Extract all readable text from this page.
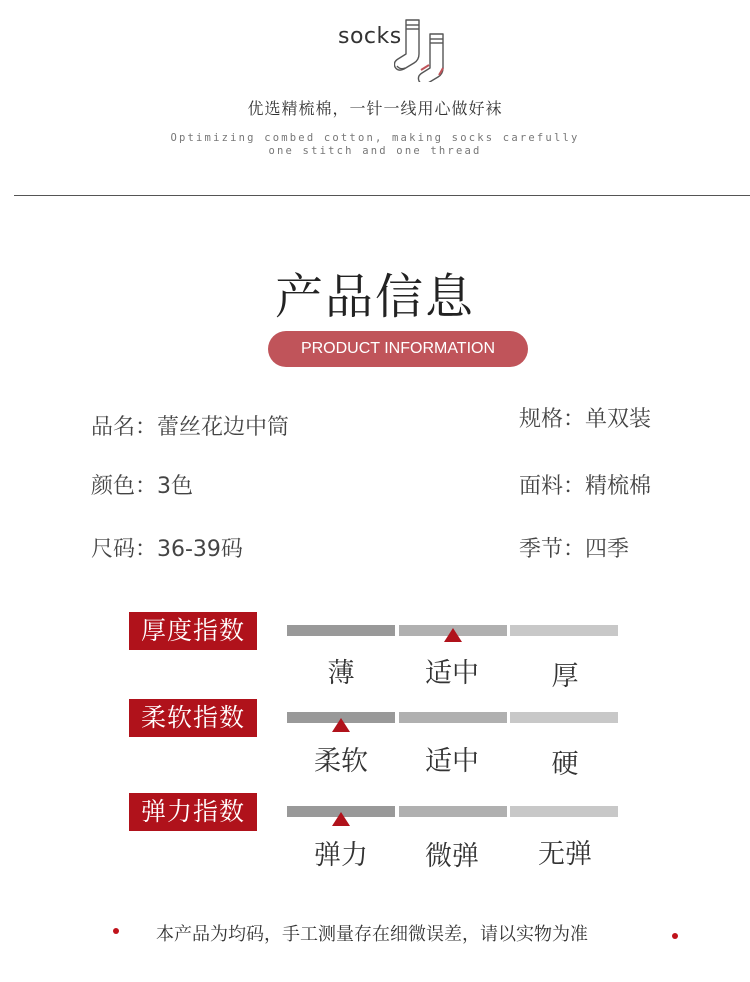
socks
优选精梳棉，一针一线用心做好袜
Optimizing combed cotton, making socks carefully
one stitch and one thread
产品信息
PRODUCT INFORMATION
品名：蕾丝花边中筒	规格：单双装
颜色：3色	面料：精梳棉
尺码：36-39码	季节：四季
厚度指数
薄	适中	厚
柔软指数
柔软	适中	硬
弹力指数
弹力	微弹	无弹
本产品为均码，手工测量存在细微误差，请以实物为准
